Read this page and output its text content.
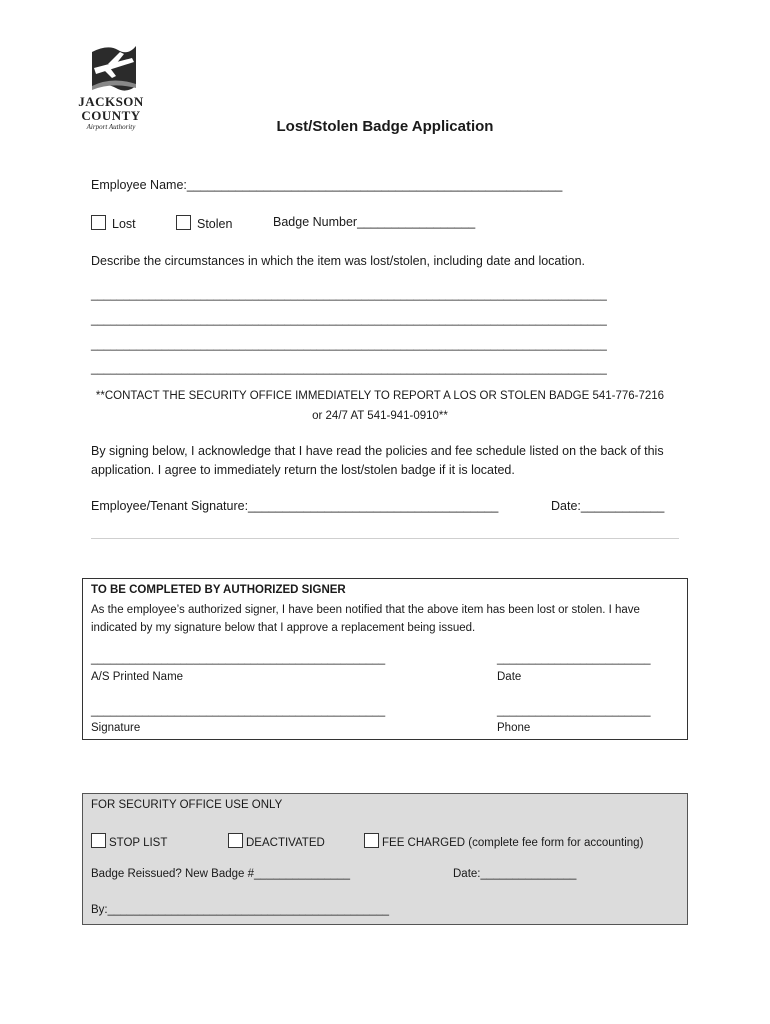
JACKSON
COUNTY
Airport Authority	Lost/Stolen Badge Application
Employee Name:______________________________________________________
Lost	Stolen	Badge Number_________________
Describe the circumstances in which the item was lost/stolen, including date and location.
________________________________________________________________________________
________________________________________________________________________________
________________________________________________________________________________
________________________________________________________________________________
**CONTACT THE SECURITY OFFICE IMMEDIATELY TO REPORT A LOS OR STOLEN BADGE 541-776-7216
or 24/7 AT 541-941-0910**
By signing below, I acknowledge that I have read the policies and fee schedule listed on the back of this application. I agree to immediately return the lost/stolen badge if it is located.
Employee/Tenant Signature:____________________________________	Date:____________
TO BE COMPLETED BY AUTHORIZED SIGNER
As the employee’s authorized signer, I have been notified that the above item has been lost or stolen. I have indicated by my signature below that I approve a replacement being issued.
______________________________________________	________________________
A/S Printed Name	Date
______________________________________________	________________________
Signature	Phone
FOR SECURITY OFFICE USE ONLY
STOP LIST	DEACTIVATED	FEE CHARGED (complete fee form for accounting)
Badge Reissued? New Badge #_______________	Date:_______________
By:____________________________________________
